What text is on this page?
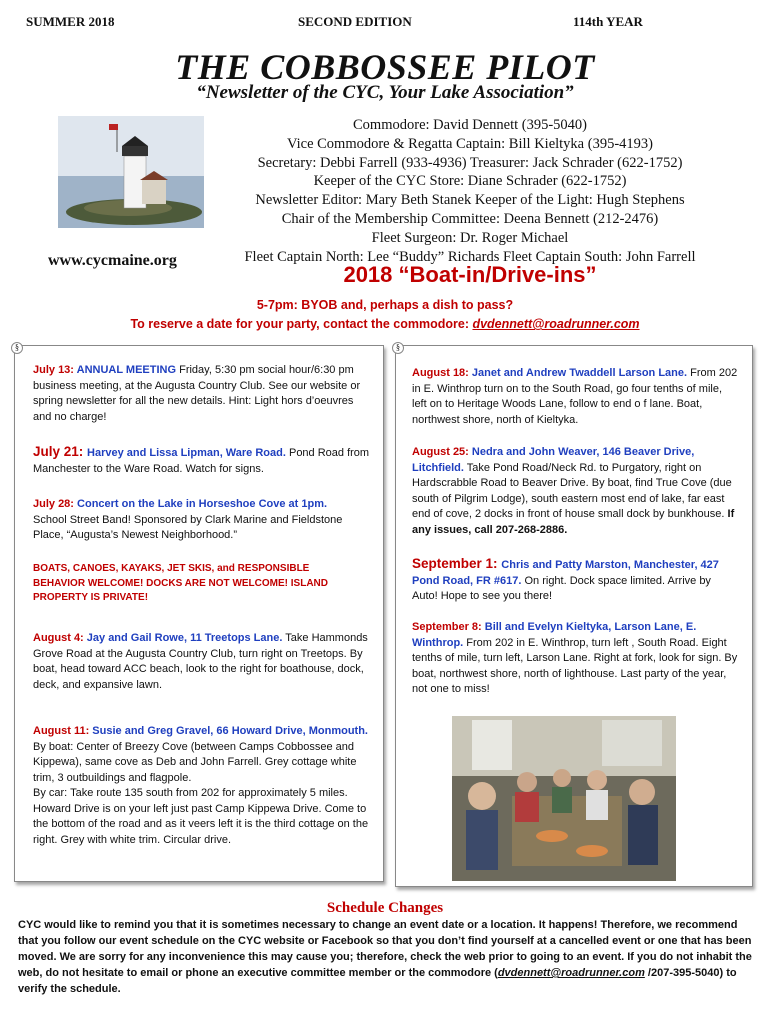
SUMMER 2018	SECOND EDITION	114th YEAR
THE COBBOSSEE PILOT
“Newsletter of the CYC, Your Lake Association”
Commodore: David Dennett (395-5040)
Vice Commodore & Regatta Captain: Bill Kieltyka (395-4193)
Secretary: Debbi Farrell (933-4936) Treasurer: Jack Schrader (622-1752)
Keeper of the CYC Store: Diane Schrader (622-1752)
Newsletter Editor: Mary Beth Stanek Keeper of the Light: Hugh Stephens
Chair of the Membership Committee: Deena Bennett (212-2476)
Fleet Surgeon: Dr. Roger Michael
Fleet Captain North: Lee “Buddy” Richards Fleet Captain South: John Farrell
www.cycmaine.org
2018 “Boat-in/Drive-ins”
5-7pm: BYOB and, perhaps a dish to pass?
To reserve a date for your party, contact the commodore: dvdennett@roadrunner.com
§
July 13: ANNUAL MEETING Friday, 5:30 pm social hour/6:30 pm business meeting, at the Augusta Country Club. See our website or spring newsletter for all the new details. Hint: Light hors d’oeuvres and no charge!
July 21: Harvey and Lissa Lipman, Ware Road. Pond Road from Manchester to the Ware Road. Watch for signs.
July 28: Concert on the Lake in Horseshoe Cove at 1pm.
School Street Band! Sponsored by Clark Marine and Fieldstone Place, “Augusta’s Newest Neighborhood.”
BOATS, CANOES, KAYAKS, JET SKIS, and RESPONSIBLE BEHAVIOR WELCOME! DOCKS ARE NOT WELCOME! ISLAND PROPERTY IS PRIVATE!
August 4: Jay and Gail Rowe, 11 Treetops Lane. Take Hammonds Grove Road at the Augusta Country Club, turn right on Treetops. By boat, head toward ACC beach, look to the right for boathouse, dock, deck, and expansive lawn.
August 11: Susie and Greg Gravel, 66 Howard Drive, Monmouth. By boat: Center of Breezy Cove (between Camps Cobbossee and Kippewa), same cove as Deb and John Farrell. Grey cottage white trim, 3 outbuildings and flagpole.
By car: Take route 135 south from 202 for approximately 5 miles. Howard Drive is on your left just past Camp Kippewa Drive. Come to the bottom of the road and as it veers left it is the third cottage on the right. Grey with white trim. Circular drive.
§
August 18: Janet and Andrew Twaddell Larson Lane. From 202 in E. Winthrop turn on to the South Road, go four tenths of mile, left on to Heritage Woods Lane, follow to end o f lane. Boat, northwest shore, north of Kieltyka.
August 25: Nedra and John Weaver, 146 Beaver Drive, Litchfield. Take Pond Road/Neck Rd. to Purgatory, right on Hardscrabble Road to Beaver Drive. By boat, find True Cove (due south of Pilgrim Lodge), south eastern most end of lake, far east end of cove, 2 docks in front of house small dock by bunkhouse. If any issues, call 207-268-2886.
September 1: Chris and Patty Marston, Manchester, 427 Pond Road, FR #617. On right. Dock space limited. Arrive by Auto! Hope to see you there!
September 8: Bill and Evelyn Kieltyka, Larson Lane, E. Winthrop. From 202 in E. Winthrop, turn left , South Road. Eight tenths of mile, turn left, Larson Lane. Right at fork, look for sign. By boat, northwest shore, north of lighthouse. Last party of the year, not one to miss!
Schedule Changes
CYC would like to remind you that it is sometimes necessary to change an event date or a location. It happens! Therefore, we recommend that you follow our event schedule on the CYC website or Facebook so that you don’t find yourself at a cancelled event or one that has been moved. We are sorry for any inconvenience this may cause you; therefore, check the web prior to going to an event. If you do not inhabit the web, do not hesitate to email or phone an executive committee member or the commodore (dvdennett@roadrunner.com /207-395-5040) to verify the schedule.
